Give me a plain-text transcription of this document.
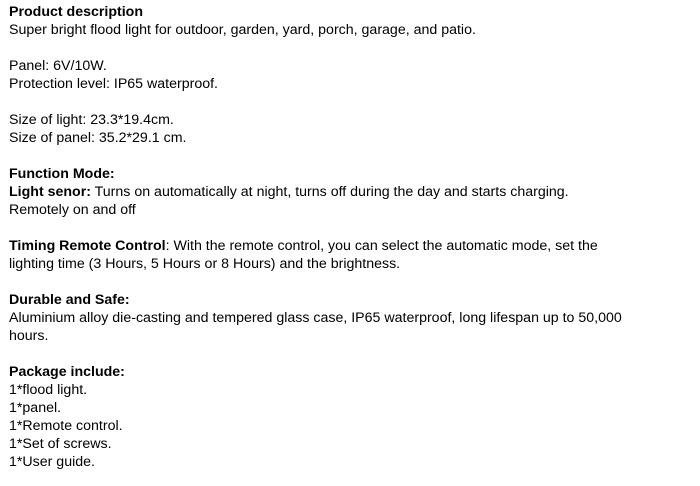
Product description
Super bright flood light for outdoor, garden, yard, porch, garage, and patio.
Panel: 6V/10W.
Protection level: IP65 waterproof.
Size of light: 23.3*19.4cm.
Size of panel: 35.2*29.1 cm.
Function Mode:
Light senor: Turns on automatically at night, turns off during the day and starts charging.
Remotely on and off
Timing Remote Control: With the remote control, you can select the automatic mode, set the
lighting time (3 Hours, 5 Hours or 8 Hours) and the brightness.
Durable and Safe:
Aluminium alloy die-casting and tempered glass case, IP65 waterproof, long lifespan up to 50,000
hours.
Package include:
1*flood light.
1*panel.
1*Remote control.
1*Set of screws.
1*User guide.
